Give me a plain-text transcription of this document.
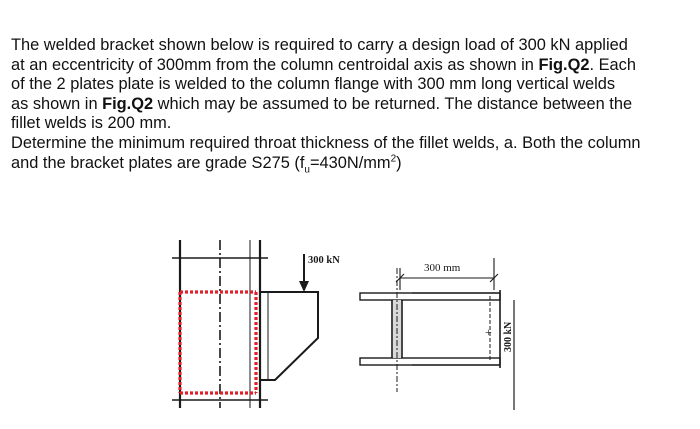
The welded bracket shown below is required to carry a design load of 300 kN applied
at an eccentricity of 300mm from the column centroidal axis as shown in Fig.Q2. Each
of the 2 plates plate is welded to the column flange with 300 mm long vertical welds
as shown in Fig.Q2 which may be assumed to be returned. The distance between the
fillet welds is 200 mm.
Determine the minimum required throat thickness of the fillet welds, a. Both the column
and the bracket plates are grade S275 $(f_u=430N/mm^2)$

300 kN
300 mm
+ 300 kN
